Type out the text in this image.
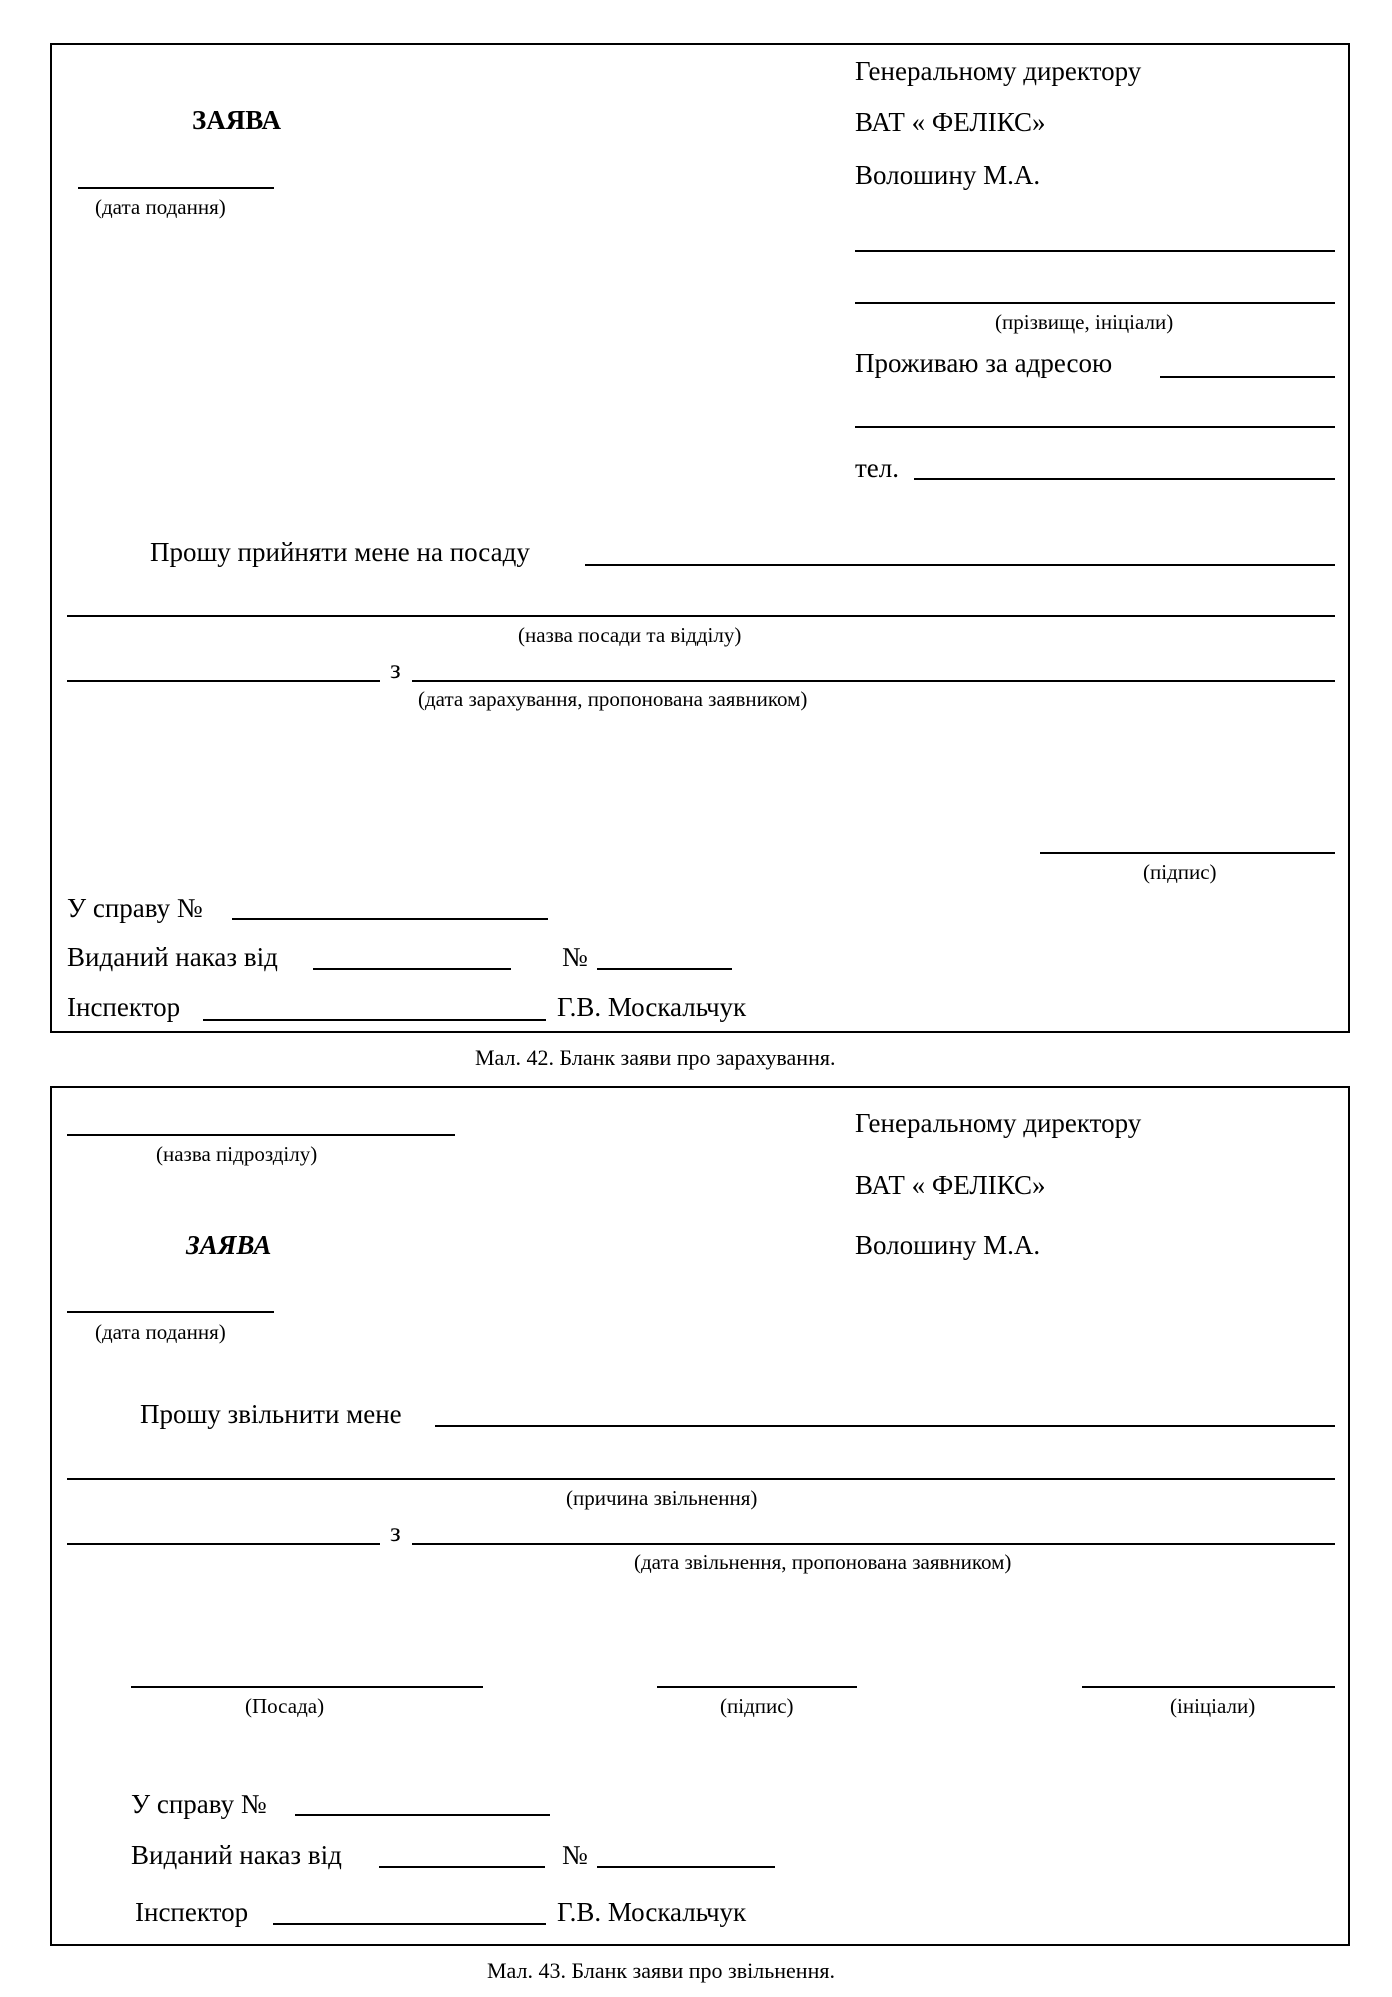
ЗАЯВА
(дата подання)
Генеральному директору
ВАТ « ФЕЛІКС»
Волошину М.А.
(прізвище, ініціали)
Проживаю за адресою
тел.
Прошу прийняти мене на посаду
(назва посади та відділу)
з
(дата зарахування, пропонована заявником)
(підпис)
У справу №
Виданий наказ від	№
Інспектор	Г.В. Москальчук
Мал. 42. Бланк заяви про зарахування.
(назва підрозділу)
ЗАЯВА
(дата подання)
Генеральному директору
ВАТ « ФЕЛІКС»
Волошину М.А.
Прошу звільнити мене
(причина звільнення)
з
(дата звільнення, пропонована заявником)
(Посада)	(підпис)	(ініціали)
У справу №
Виданий наказ від	№
Інспектор	Г.В. Москальчук
Мал. 43. Бланк заяви про звільнення.
